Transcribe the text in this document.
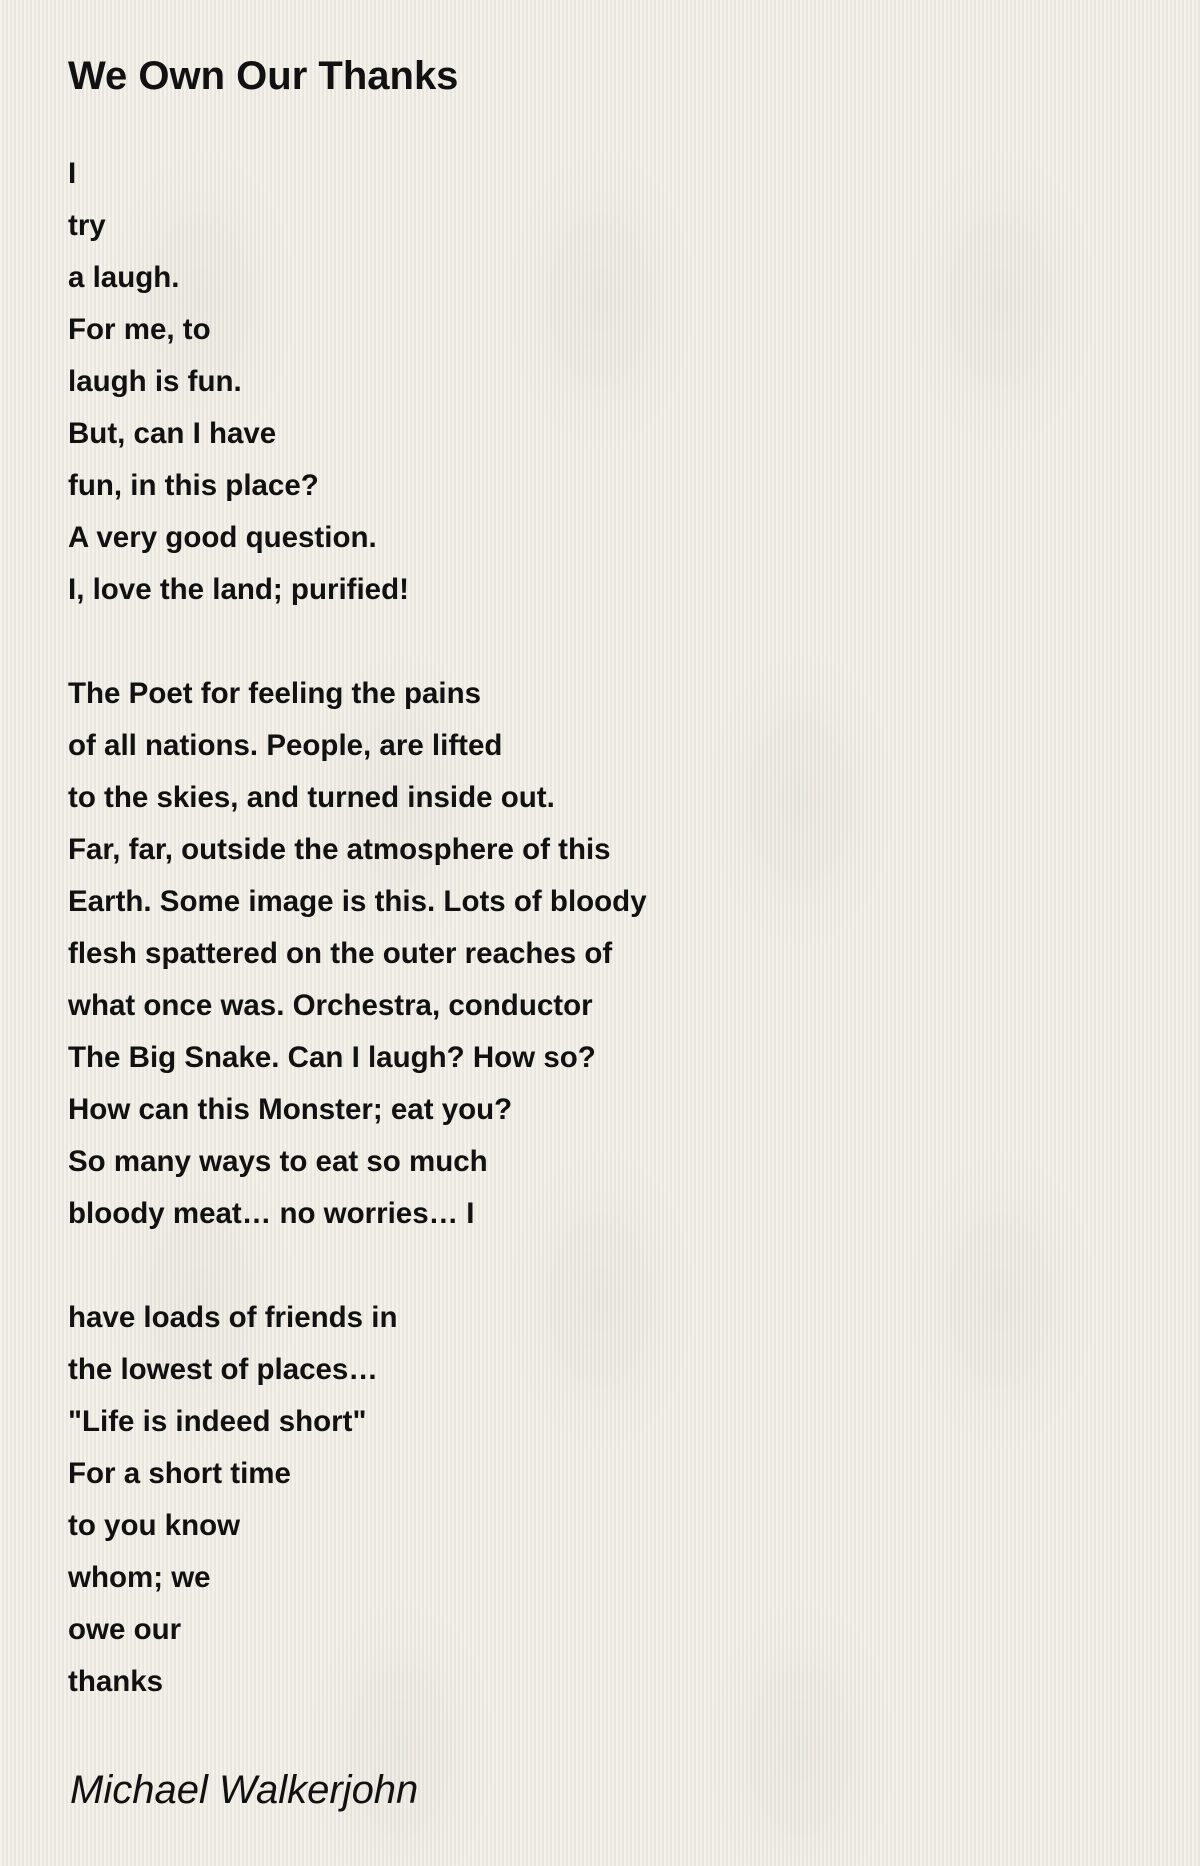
We Own Our Thanks
I
try
a laugh.
For me, to
laugh is fun.
But, can I have
fun, in this place?
A very good question.
I, love the land; purified!
The Poet for feeling the pains
of all nations. People, are lifted
to the skies, and turned inside out.
Far, far, outside the atmosphere of this
Earth. Some image is this. Lots of bloody
flesh spattered on the outer reaches of
what once was. Orchestra, conductor
The Big Snake. Can I laugh? How so?
How can this Monster; eat you?
So many ways to eat so much
bloody meat… no worries… I
have loads of friends in
the lowest of places…
"Life is indeed short"
For a short time
to you know
whom; we
owe our
thanks
Michael Walkerjohn
